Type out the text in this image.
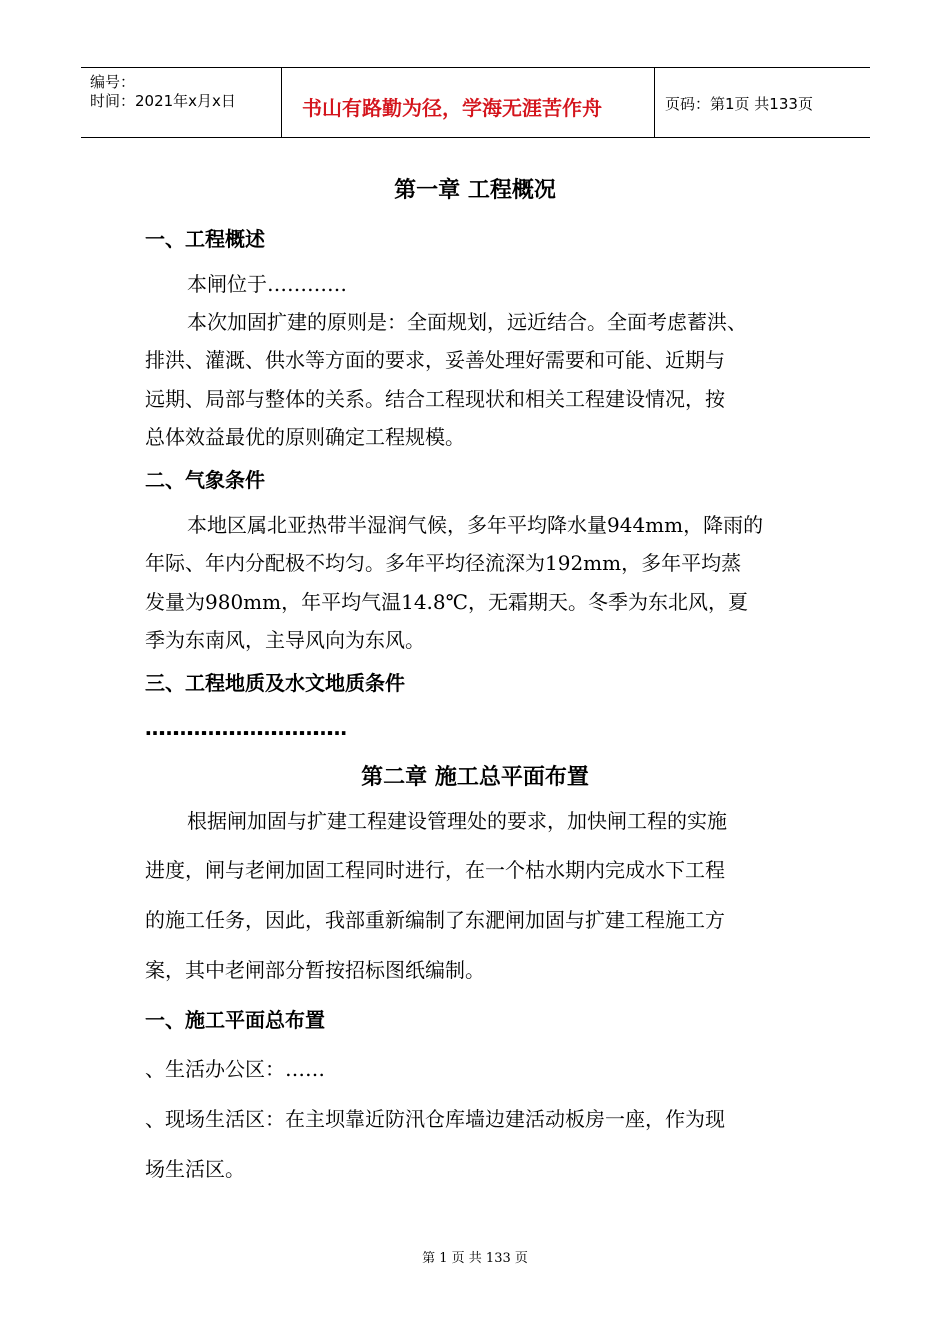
编号：
时间：2021年x月x日	书山有路勤为径，学海无涯苦作舟	页码：第1页 共133页
第一章 工程概况
一、工程概述
本闸位于…………
本次加固扩建的原则是：全面规划，远近结合。全面考虑蓄洪、
排洪、灌溉、供水等方面的要求，妥善处理好需要和可能、近期与
远期、局部与整体的关系。结合工程现状和相关工程建设情况，按
总体效益最优的原则确定工程规模。
二、气象条件
本地区属北亚热带半湿润气候，多年平均降水量944mm，降雨的
年际、年内分配极不均匀。多年平均径流深为192mm，多年平均蒸
发量为980mm，年平均气温14.8℃，无霜期天。冬季为东北风，夏
季为东南风，主导风向为东风。
三、工程地质及水文地质条件
……………………………………
第二章 施工总平面布置
根据闸加固与扩建工程建设管理处的要求，加快闸工程的实施
进度，闸与老闸加固工程同时进行，在一个枯水期内完成水下工程
的施工任务，因此，我部重新编制了东淝闸加固与扩建工程施工方
案，其中老闸部分暂按招标图纸编制。
一、施工平面总布置
、生活办公区：……
、现场生活区：在主坝靠近防汛仓库墙边建活动板房一座，作为现
场生活区。
第 1 页 共 133 页
